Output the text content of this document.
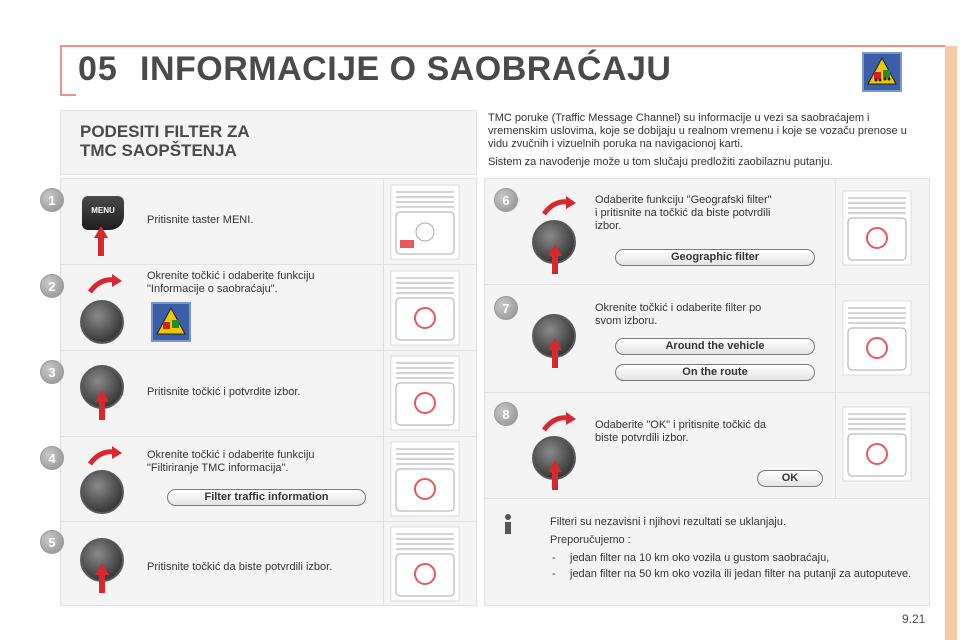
05 INFORMACIJE O SAOBRAĆAJU
PODESITI FILTER ZA
TMC SAOPŠTENJA

TMC poruke (Traffic Message Channel) su informacije u vezi sa saobraćajem i vremenskim uslovima, koje se dobijaju u realnom vremenu i koje se vozaču prenose u vidu zvučnih i vizuelnih poruka na navigacionoj karti.

Sistem za navođenje može u tom slučaju predložiti zaobilaznu putanju.

1
2
3
4
5
6
7
8
MENU
Pritisnite taster MENI.
Okrenite točkić i odaberite funkciju
"Informacije o saobraćaju".
Pritisnite točkić i potvrdite izbor.
Okrenite točkić i odaberite funkciju
"Filtiriranje TMC informacija".
Filter traffic information
Pritisnite točkić da biste potvrdili izbor.
Odaberite funkciju "Geografski filter"
i pritisnite na točkić da biste potvrdili
izbor.
Geographic filter
Okrenite točkić i odaberite filter po
svom izboru.
Around the vehicle
On the route
Odaberite "OK" i pritisnite točkić da
biste potvrdili izbor.
OK

Filteri su nezavisni i njihovi rezultati se uklanjaju.

Preporučujemo :

- jedan filter na 10 km oko vozila u gustom saobraćaju,
- jedan filter na 50 km oko vozila ili jedan filter na putanji za autoputeve.
9.21
